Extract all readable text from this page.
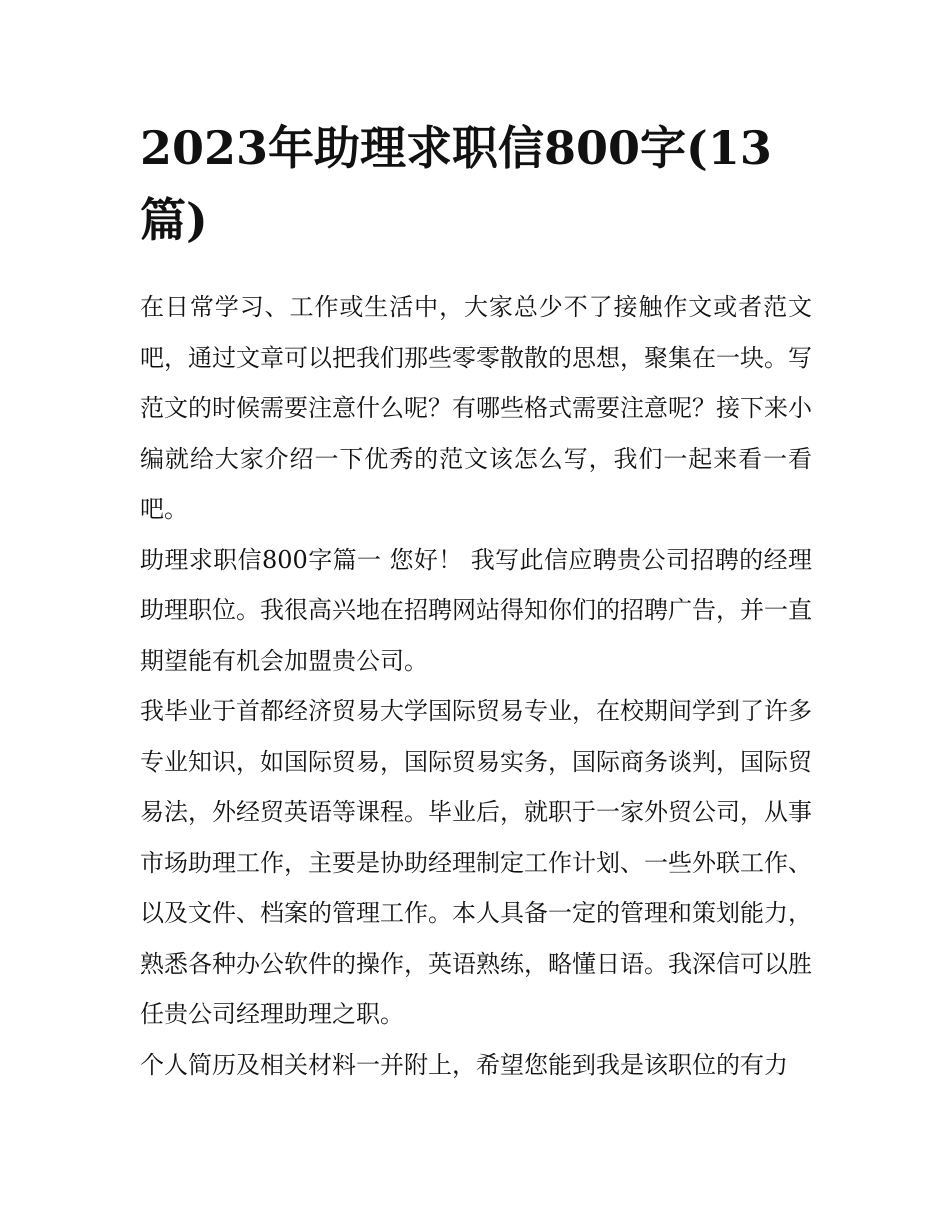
2023年助理求职信800字(13篇)

在日常学习、工作或生活中，大家总少不了接触作文或者范文吧，通过文章可以把我们那些零零散散的思想，聚集在一块。写范文的时候需要注意什么呢？有哪些格式需要注意呢？接下来小编就给大家介绍一下优秀的范文该怎么写，我们一起来看一看吧。

助理求职信800字篇一 您好！ 我写此信应聘贵公司招聘的经理助理职位。我很高兴地在招聘网站得知你们的招聘广告，并一直期望能有机会加盟贵公司。

我毕业于首都经济贸易大学国际贸易专业，在校期间学到了许多专业知识，如国际贸易，国际贸易实务，国际商务谈判，国际贸易法，外经贸英语等课程。毕业后，就职于一家外贸公司，从事市场助理工作，主要是协助经理制定工作计划、一些外联工作、以及文件、档案的管理工作。本人具备一定的管理和策划能力，熟悉各种办公软件的操作，英语熟练，略懂日语。我深信可以胜任贵公司经理助理之职。

个人简历及相关材料一并附上，希望您能到我是该职位的有力
